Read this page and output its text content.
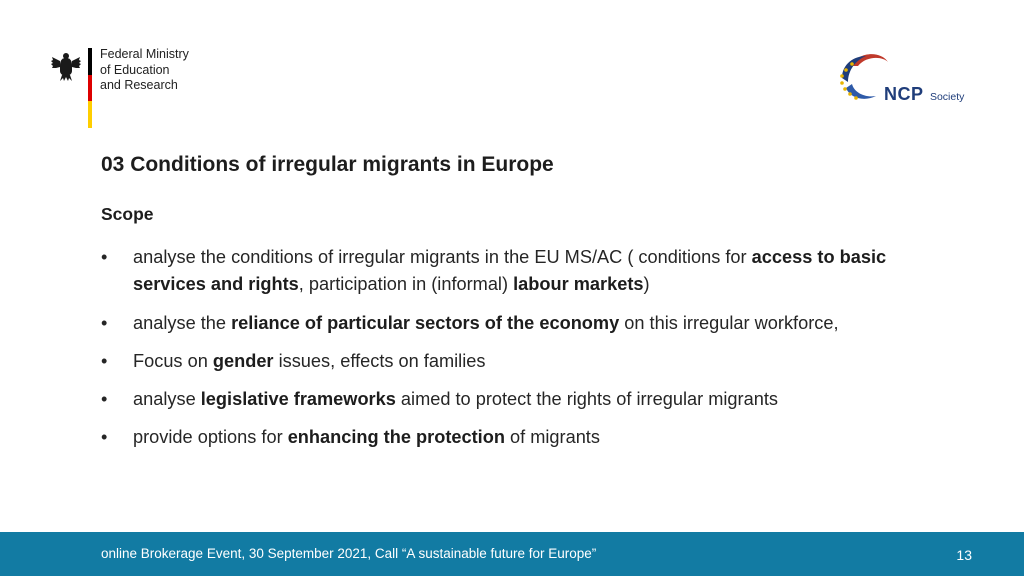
Federal Ministry
of Education
and Research	NCP Society
03 Conditions of irregular migrants in Europe
Scope
• analyse the conditions of irregular migrants in the EU MS/AC ( conditions for access to basic services and rights, participation in (informal) labour markets)
• analyse the reliance of particular sectors of the economy on this irregular workforce,
• Focus on gender issues, effects on families
• analyse legislative frameworks aimed to protect the rights of irregular migrants
• provide options for enhancing the protection of migrants
online Brokerage Event, 30 September 2021, Call “A sustainable future for Europe”	13
